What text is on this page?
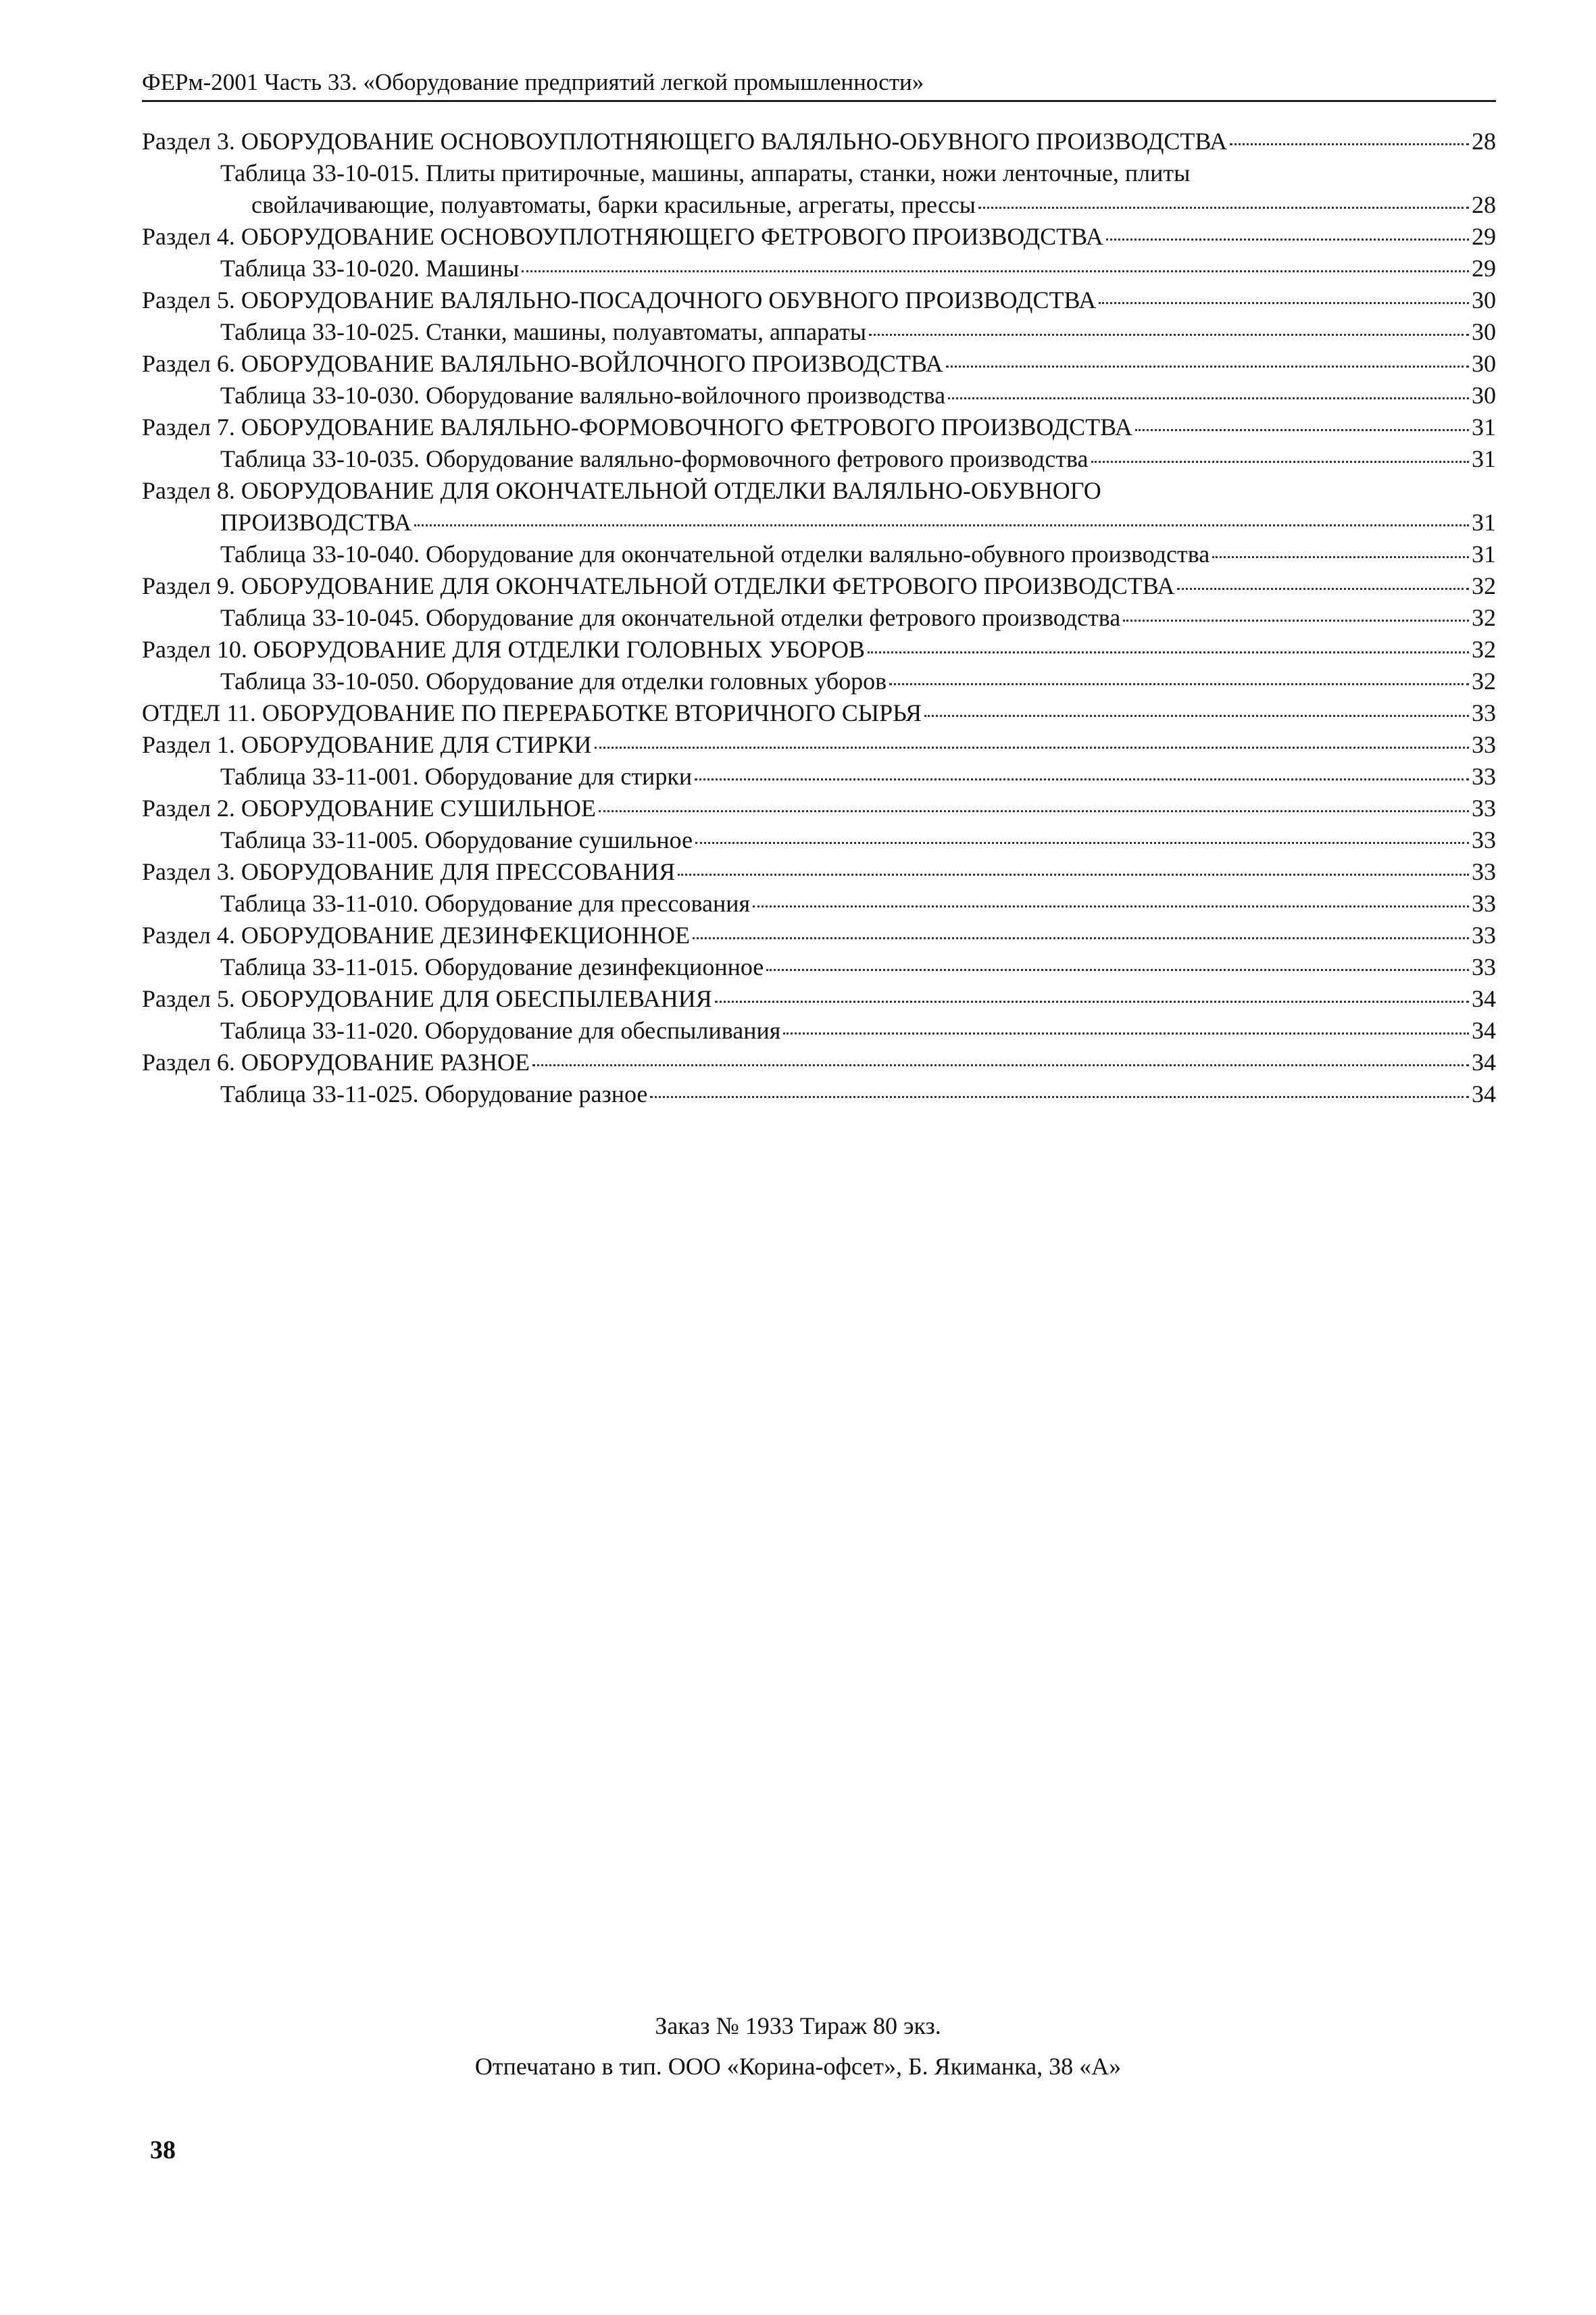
ФЕРм-2001 Часть 33. «Оборудование предприятий легкой промышленности»
Раздел 3. ОБОРУДОВАНИЕ ОСНОВОУПЛОТНЯЮЩЕГО ВАЛЯЛЬНО-ОБУВНОГО ПРОИЗВОДСТВА	28
Таблица 33-10-015. Плиты притирочные, машины, аппараты, станки, ножи ленточные, плиты
свойлачивающие, полуавтоматы, барки красильные, агрегаты, прессы	28
Раздел 4. ОБОРУДОВАНИЕ ОСНОВОУПЛОТНЯЮЩЕГО ФЕТРОВОГО ПРОИЗВОДСТВА	29
Таблица 33-10-020. Машины	29
Раздел 5. ОБОРУДОВАНИЕ ВАЛЯЛЬНО-ПОСАДОЧНОГО ОБУВНОГО ПРОИЗВОДСТВА	30
Таблица 33-10-025. Станки, машины, полуавтоматы, аппараты	30
Раздел 6. ОБОРУДОВАНИЕ ВАЛЯЛЬНО-ВОЙЛОЧНОГО ПРОИЗВОДСТВА	30
Таблица 33-10-030. Оборудование валяльно-войлочного производства	30
Раздел 7. ОБОРУДОВАНИЕ ВАЛЯЛЬНО-ФОРМОВОЧНОГО ФЕТРОВОГО ПРОИЗВОДСТВА	31
Таблица 33-10-035. Оборудование валяльно-формовочного фетрового производства	31
Раздел 8. ОБОРУДОВАНИЕ ДЛЯ ОКОНЧАТЕЛЬНОЙ ОТДЕЛКИ ВАЛЯЛЬНО-ОБУВНОГО
ПРОИЗВОДСТВА	31
Таблица 33-10-040. Оборудование для окончательной отделки валяльно-обувного производства	31
Раздел 9. ОБОРУДОВАНИЕ ДЛЯ ОКОНЧАТЕЛЬНОЙ ОТДЕЛКИ ФЕТРОВОГО ПРОИЗВОДСТВА	32
Таблица 33-10-045. Оборудование для окончательной отделки фетрового производства	32
Раздел 10. ОБОРУДОВАНИЕ ДЛЯ ОТДЕЛКИ ГОЛОВНЫХ УБОРОВ	32
Таблица 33-10-050. Оборудование для отделки головных уборов	32
ОТДЕЛ 11. ОБОРУДОВАНИЕ ПО ПЕРЕРАБОТКЕ ВТОРИЧНОГО СЫРЬЯ	33
Раздел 1. ОБОРУДОВАНИЕ ДЛЯ СТИРКИ	33
Таблица 33-11-001. Оборудование для стирки	33
Раздел 2. ОБОРУДОВАНИЕ СУШИЛЬНОЕ	33
Таблица 33-11-005. Оборудование сушильное	33
Раздел 3. ОБОРУДОВАНИЕ ДЛЯ ПРЕССОВАНИЯ	33
Таблица 33-11-010. Оборудование для прессования	33
Раздел 4. ОБОРУДОВАНИЕ ДЕЗИНФЕКЦИОННОЕ	33
Таблица 33-11-015. Оборудование дезинфекционное	33
Раздел 5. ОБОРУДОВАНИЕ ДЛЯ ОБЕСПЫЛЕВАНИЯ	34
Таблица 33-11-020. Оборудование для обеспыливания	34
Раздел 6. ОБОРУДОВАНИЕ РАЗНОЕ	34
Таблица 33-11-025. Оборудование разное	34
Заказ № 1933 Тираж 80 экз.
Отпечатано в тип. ООО «Корина-офсет», Б. Якиманка, 38 «А»
38
